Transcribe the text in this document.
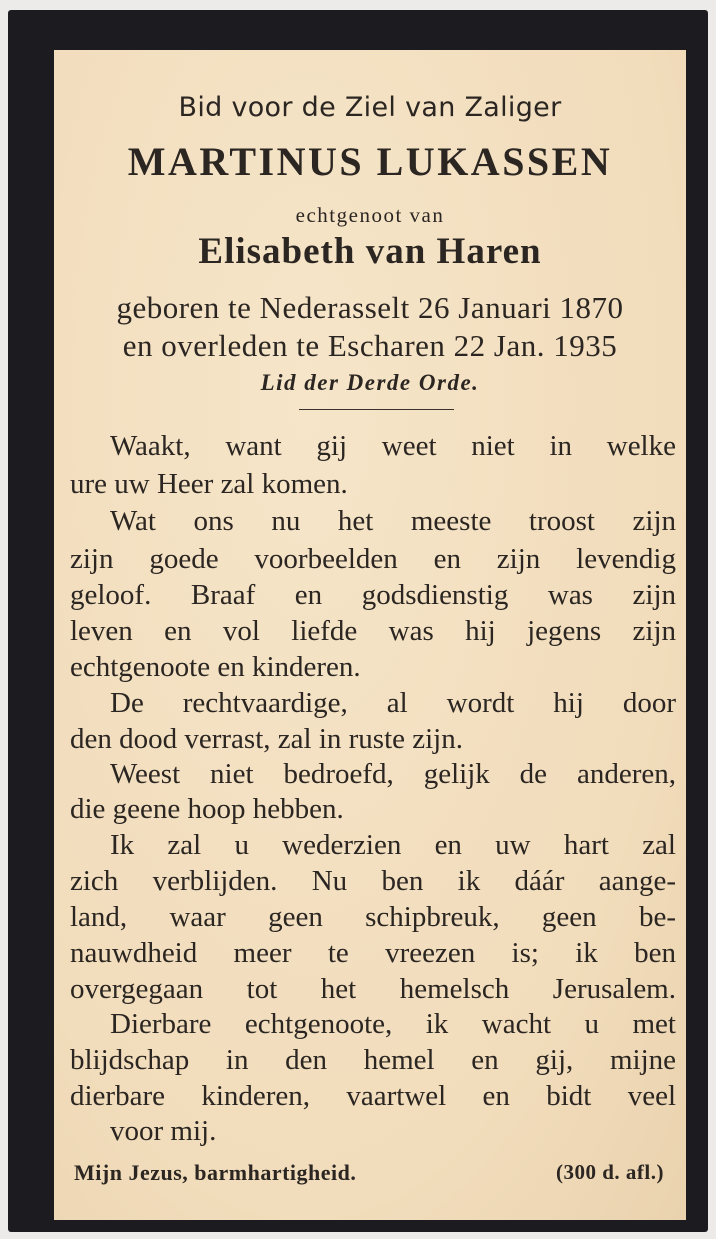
Bid voor de Ziel van Zaliger
MARTINUS LUKASSEN
echtgenoot van
Elisabeth van Haren
geboren te Nederasselt 26 Januari 1870
en overleden te Escharen 22 Jan. 1935
Lid der Derde Orde.
Waakt, want gij weet niet in welke
ure uw Heer zal komen.
Wat ons nu het meeste troost zijn
zijn goede voorbeelden en zijn levendig
geloof. Braaf en godsdienstig was zijn
leven en vol liefde was hij jegens zijn
echtgenoote en kinderen.
De rechtvaardige, al wordt hij door
den dood verrast, zal in ruste zijn.
Weest niet bedroefd, gelijk de anderen,
die geene hoop hebben.
Ik zal u wederzien en uw hart zal
zich verblijden. Nu ben ik dáár aange-
land, waar geen schipbreuk, geen be-
nauwdheid meer te vreezen is; ik ben
overgegaan tot het hemelsch Jerusalem.
Dierbare echtgenoote, ik wacht u met
blijdschap in den hemel en gij, mijne
dierbare kinderen, vaartwel en bidt veel
voor mij.
Mijn Jezus, barmhartigheid.	(300 d. afl.)
